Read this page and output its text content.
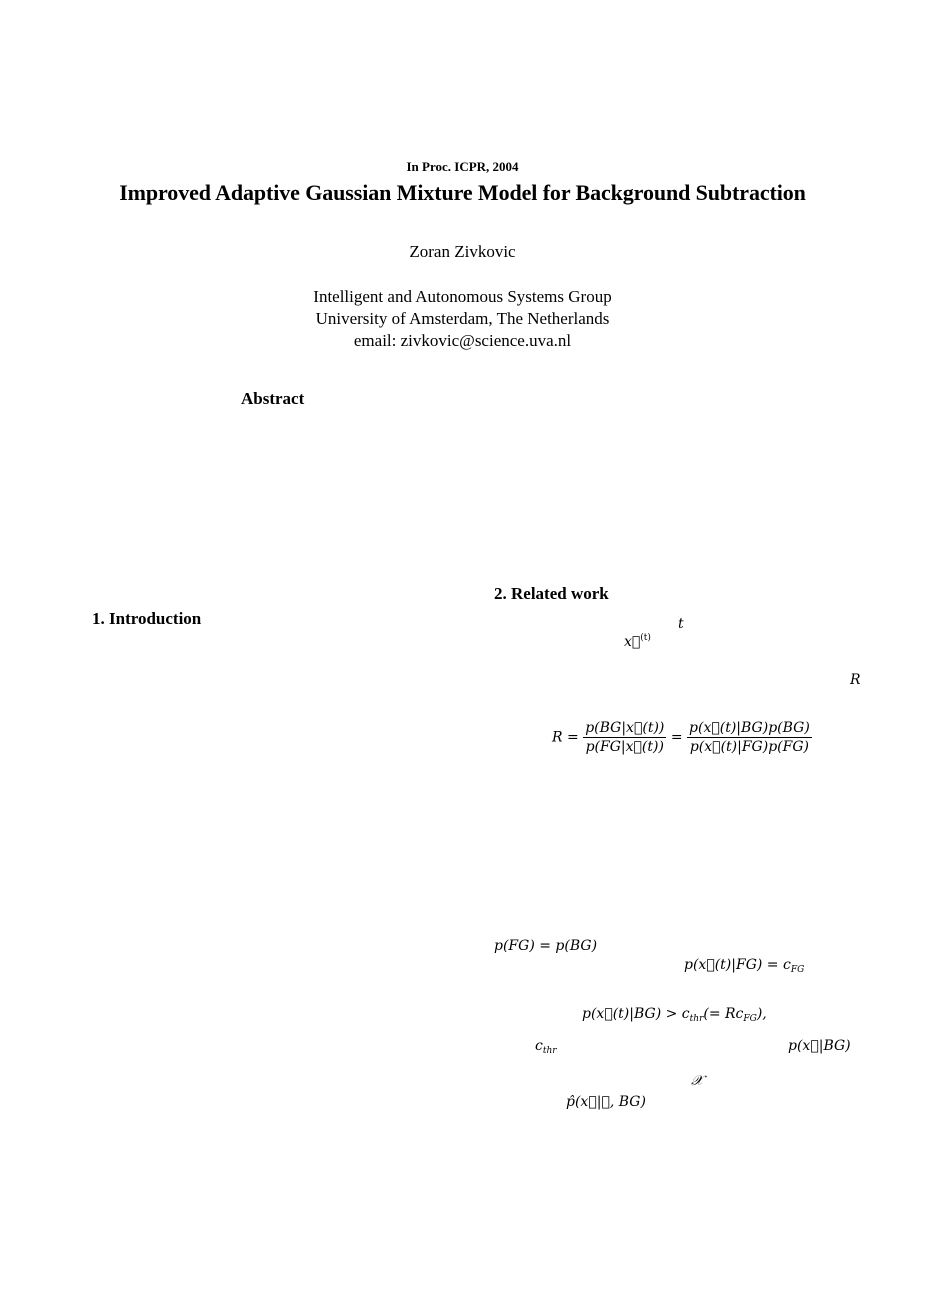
In Proc. ICPR, 2004
Improved Adaptive Gaussian Mixture Model for Background Subtraction
Zoran Zivkovic
Intelligent and Autonomous Systems Group
University of Amsterdam, The Netherlands
email: zivkovic@science.uva.nl
Abstract
1. Introduction
2. Related work
t
x⃗$^{(t)}$
R
$R = \frac{p(BG|x⃗(t))}{p(FG|x⃗(t))} = \frac{p(x⃗(t)|BG)p(BG)}{p(x⃗(t)|FG)p(FG)}$
p(FG) = p(BG)
p(x⃗(t)|FG) = $c_{FG}$
p(x⃗(t)|BG) > $c_{thr}(= Rc_{FG})$,
$c_{thr}$	p(x⃗|BG)
𝒳
p̂(x⃗|𝒳, BG)
